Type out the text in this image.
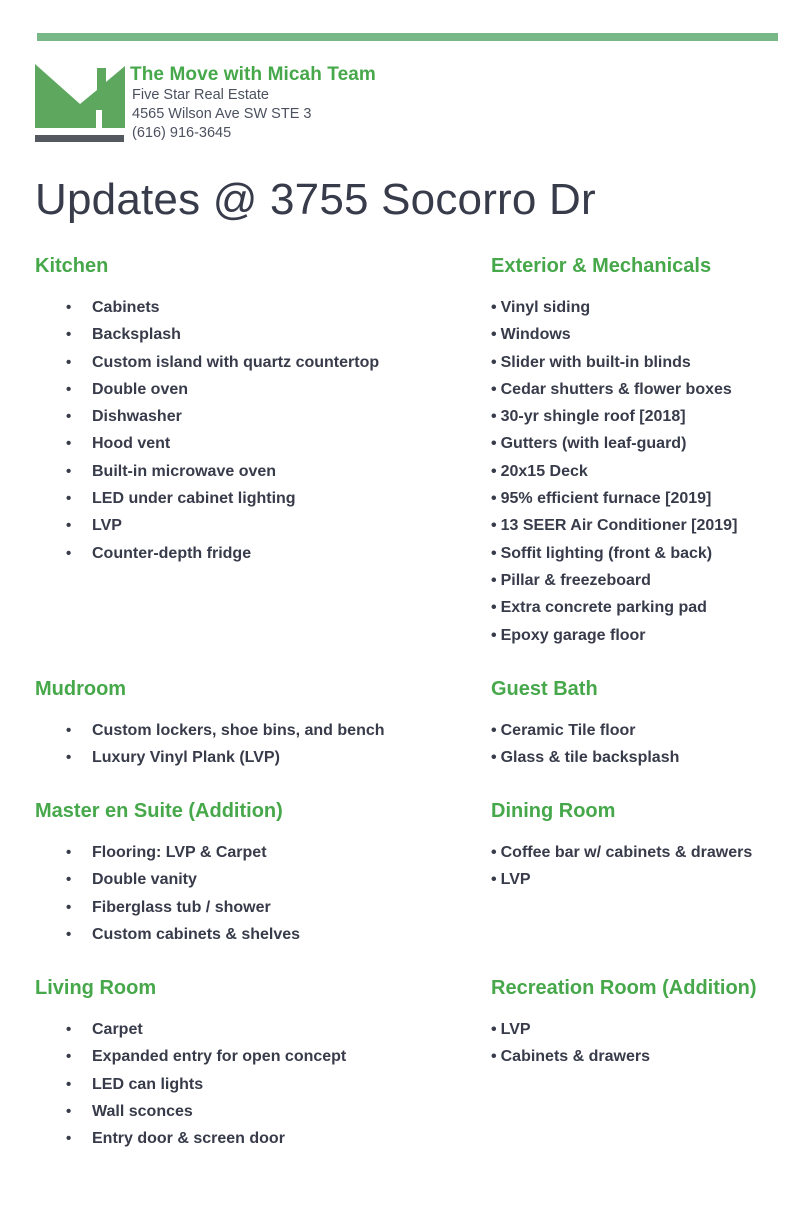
The Move with Micah Team
Five Star Real Estate
4565 Wilson Ave SW STE 3
(616) 916-3645
Updates @ 3755 Socorro Dr
Kitchen
• Cabinets
• Backsplash
• Custom island with quartz countertop
• Double oven
• Dishwasher
• Hood vent
• Built-in microwave oven
• LED under cabinet lighting
• LVP
• Counter-depth fridge
Exterior & Mechanicals
• Vinyl siding
• Windows
• Slider with built-in blinds
• Cedar shutters & flower boxes
• 30-yr shingle roof [2018]
• Gutters (with leaf-guard)
• 20x15 Deck
• 95% efficient furnace [2019]
• 13 SEER Air Conditioner [2019]
• Soffit lighting (front & back)
• Pillar & freezeboard
• Extra concrete parking pad
• Epoxy garage floor
Mudroom
• Custom lockers, shoe bins, and bench
• Luxury Vinyl Plank (LVP)
Guest Bath
• Ceramic Tile floor
• Glass & tile backsplash
Master en Suite (Addition)
• Flooring: LVP & Carpet
• Double vanity
• Fiberglass tub / shower
• Custom cabinets & shelves
Dining Room
• Coffee bar w/ cabinets & drawers
• LVP
Living Room
• Carpet
• Expanded entry for open concept
• LED can lights
• Wall sconces
• Entry door & screen door
Recreation Room (Addition)
• LVP
• Cabinets & drawers
